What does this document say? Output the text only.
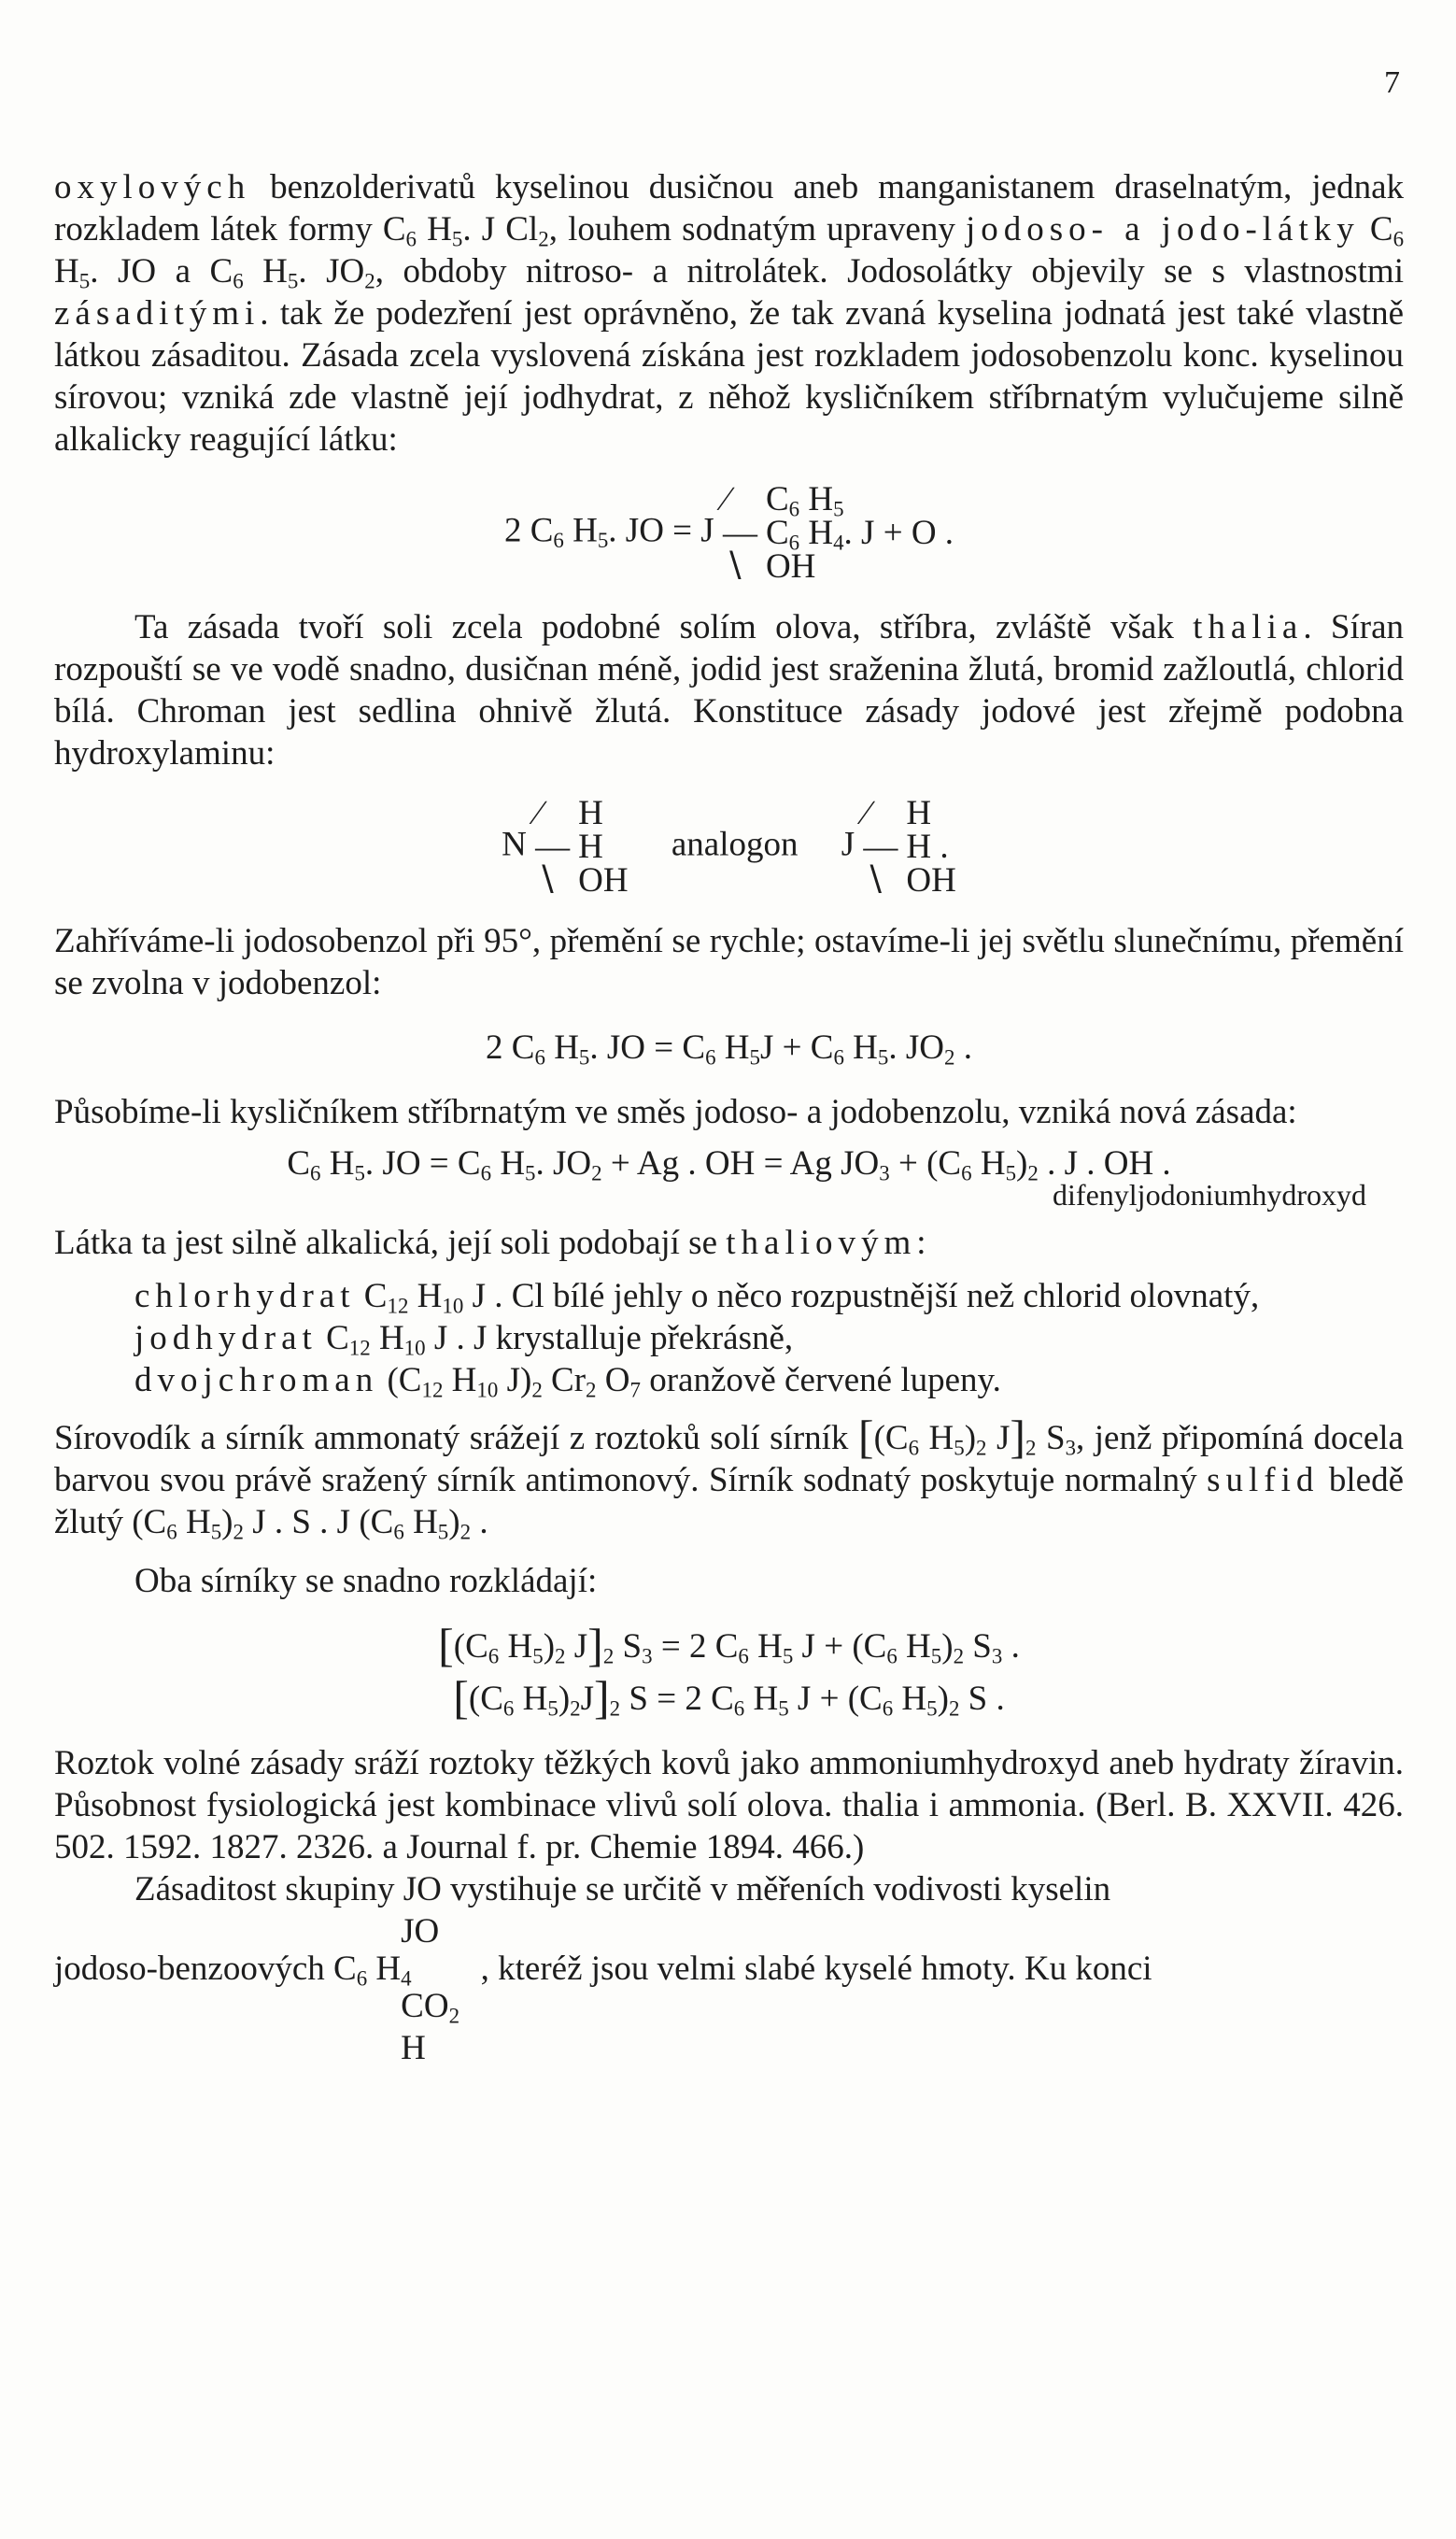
7

oxylových benzolderivatů kyselinou dusičnou aneb manganistanem draselnatým, jednak rozkladem látek formy $C_6$ $H_5$. J $Cl_2$, louhem sodnatým upraveny jodoso- a jodo-látky $C_6$ $H_5$. JO a $C_6$ $H_5$. $JO_2$, obdoby nitroso- a nitrolátek. Jodosolátky objevily se s vlastnostmi zásaditými. tak že podezření jest oprávněno, že tak zvaná kyselina jodnatá jest také vlastně látkou zásaditou. Zásada zcela vyslovená získána jest rozkladem jodosobenzolu konc. kyselinou sírovou; vzniká zde vlastně její jodhydrat, z něhož kysličníkem stříbrnatým vylučujeme silně alkalicky reagující látku:

2 $C_6$ $H_5$. JO = J ∕ $C_6$ $H_5$
— $C_6$ $H_4$. J + O .
∖ OH

Ta zásada tvoří soli zcela podobné solím olova, stříbra, zvláště však thalia. Síran rozpouští se ve vodě snadno, dusičnan méně, jodid jest sraženina žlutá, bromid zažloutlá, chlorid bílá. Chroman jest sedlina ohnivě žlutá. Konstituce zásady jodové jest zřejmě podobna hydroxylaminu:

N ∕ H
— H
∖ OH     analogon J ∕ H
— H .
∖ OH

Zahříváme-li jodosobenzol při 95°, přemění se rychle; ostavíme-li jej světlu slunečnímu, přemění se zvolna v jodobenzol:

2 $C_6$ $H_5$. JO = $C_6$ $H_5J + C_6$ $H_5$. $JO_2$ .

Působíme-li kysličníkem stříbrnatým ve směs jodoso- a jodobenzolu, vzniká nová zásada:

$C_6$ $H_5$. JO = $C_6$ $H_5$. $JO_2 + Ag$ . OH = Ag $JO_3 + (C_6$ $H_5)_2$ . J . OH .
difenyljodoniumhydroxyd

Látka ta jest silně alkalická, její soli podobají se thaliovým:

chlorhydrat $C_{12}$ $H_{10}$ J . Cl bílé jehly o něco rozpustnější než chlorid olovnatý,

jodhydrat $C_{12}$ $H_{10}$ J . J krystalluje překrásně,

dvojchroman ($C_{12}$ $H_{10}$ $J)_2$ $Cr_2$ $O_7$ oranžově červené lupeny.

Sírovodík a sírník ammonatý srážejí z roztoků solí sírník [($C_6$ $H_5)_2$ $J]_2$ $S_3$, jenž připomíná docela barvou svou právě sražený sírník antimonový. Sírník sodnatý poskytuje normalný sulfid bledě žlutý ($C_6$ $H_5)_2$ J . S . J ($C_6$ $H_5)_2$ .

Oba sírníky se snadno rozkládají:

[($C_6$ $H_5)_2$ $J]_2$ $S_3 = 2$ $C_6$ $H_5$ $J + (C_6$ $H_5)_2$ $S_3$ .
[($C_6$ $H_5)_2J]_2$ S = 2 $C_6$ $H_5$ $J + (C_6$ $H_5)_2$ S .

Roztok volné zásady sráží roztoky těžkých kovů jako ammoniumhydroxyd aneb hydraty žíravin. Působnost fysiologická jest kombinace vlivů solí olova. thalia i ammonia. (Berl. B. XXVII. 426. 502. 1592. 1827. 2326. a Journal f. pr. Chemie 1894. 466.)

Zásaditost skupiny JO vystihuje se určitě v měřeních vodivosti kyselin

jodoso-benzoových $C_6$ $H_4$
JO
$CO_2$ H
, kteréž jsou velmi slabé kyselé hmoty. Ku konci
